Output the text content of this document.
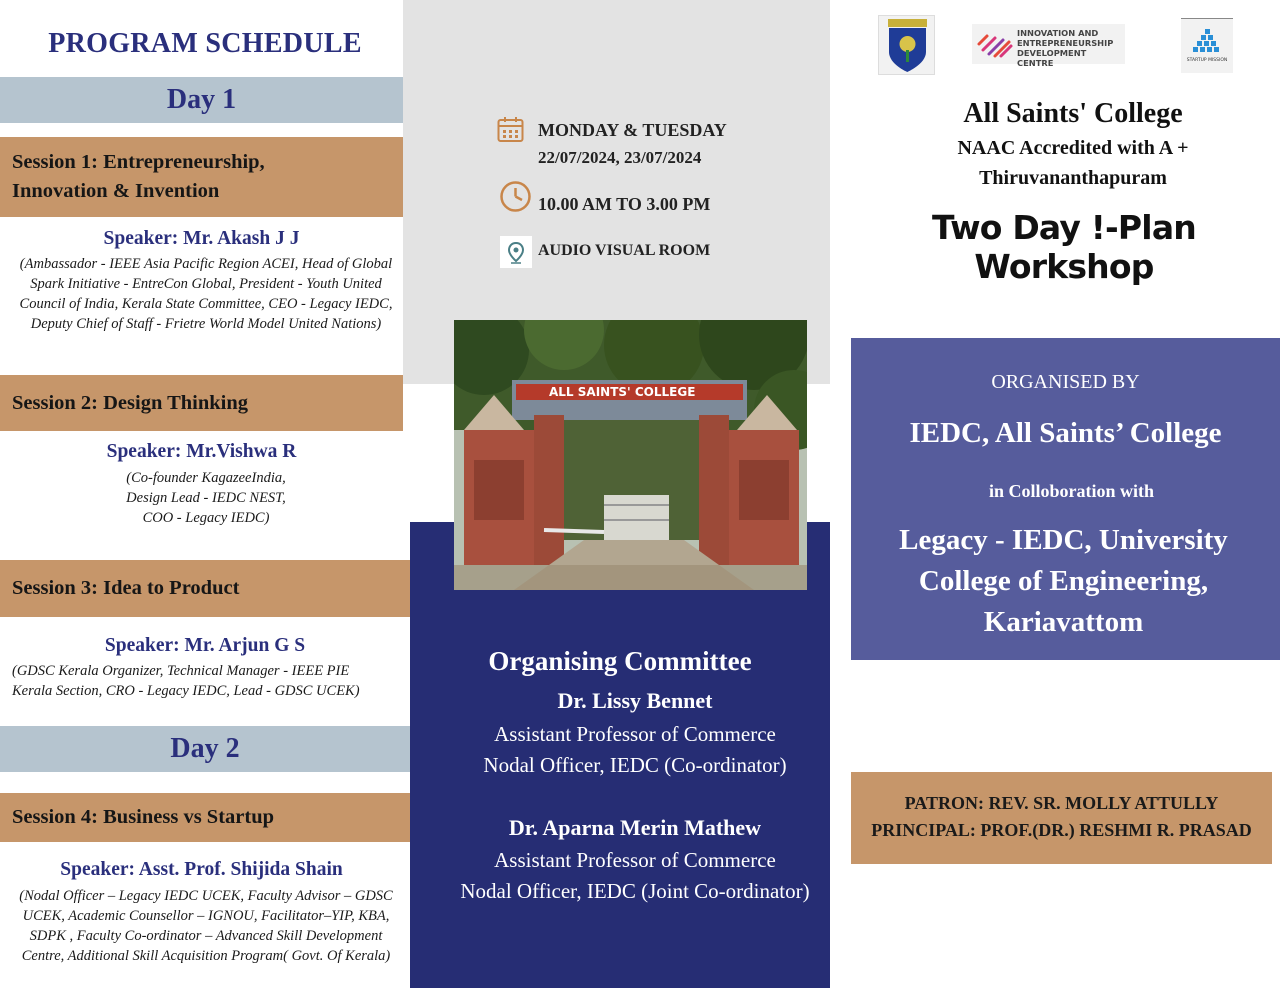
PROGRAM SCHEDULE
Day 1
Session 1: Entrepreneurship,
Innovation & Invention
Speaker: Mr. Akash J J
(Ambassador - IEEE Asia Pacific Region ACEI, Head of Global
Spark Initiative - EntreCon Global, President - Youth United
Council of India, Kerala State Committee, CEO - Legacy IEDC,
Deputy Chief of Staff - Frietre World Model United Nations)
Session 2: Design Thinking
Speaker: Mr.Vishwa R
(Co-founder KagazeeIndia,
Design Lead - IEDC NEST,
COO - Legacy IEDC)
Session 3: Idea to Product
Speaker: Mr. Arjun G S
(GDSC Kerala Organizer, Technical Manager - IEEE PIE
Kerala Section, CRO - Legacy IEDC, Lead - GDSC UCEK)
Day 2
Session 4: Business vs Startup
Speaker: Asst. Prof. Shijida Shain
(Nodal Officer – Legacy IEDC UCEK, Faculty Advisor – GDSC
UCEK, Academic Counsellor – IGNOU, Facilitator–YIP, KBA,
SDPK , Faculty Co-ordinator – Advanced Skill Development
Centre, Additional Skill Acquisition Program( Govt. Of Kerala)
MONDAY & TUESDAY
22/07/2024, 23/07/2024
10.00 AM TO 3.00 PM
AUDIO VISUAL ROOM
ALL SAINTS' COLLEGE
Organising Committee
Dr. Lissy Bennet
Assistant Professor of Commerce
Nodal Officer, IEDC (Co-ordinator)
Dr. Aparna Merin Mathew
Assistant Professor of Commerce
Nodal Officer, IEDC (Joint Co-ordinator)
INNOVATION AND
ENTREPRENEURSHIP
DEVELOPMENT CENTRE	STARTUP MISSION
All Saints' College
NAAC Accredited with A +
Thiruvananthapuram
Two Day !-Plan Workshop
ORGANISED BY
IEDC, All Saints’ College
in Colloboration with
Legacy - IEDC, University
College of Engineering,
Kariavattom
PATRON: REV. SR. MOLLY ATTULLY
PRINCIPAL: PROF.(DR.) RESHMI R. PRASAD
